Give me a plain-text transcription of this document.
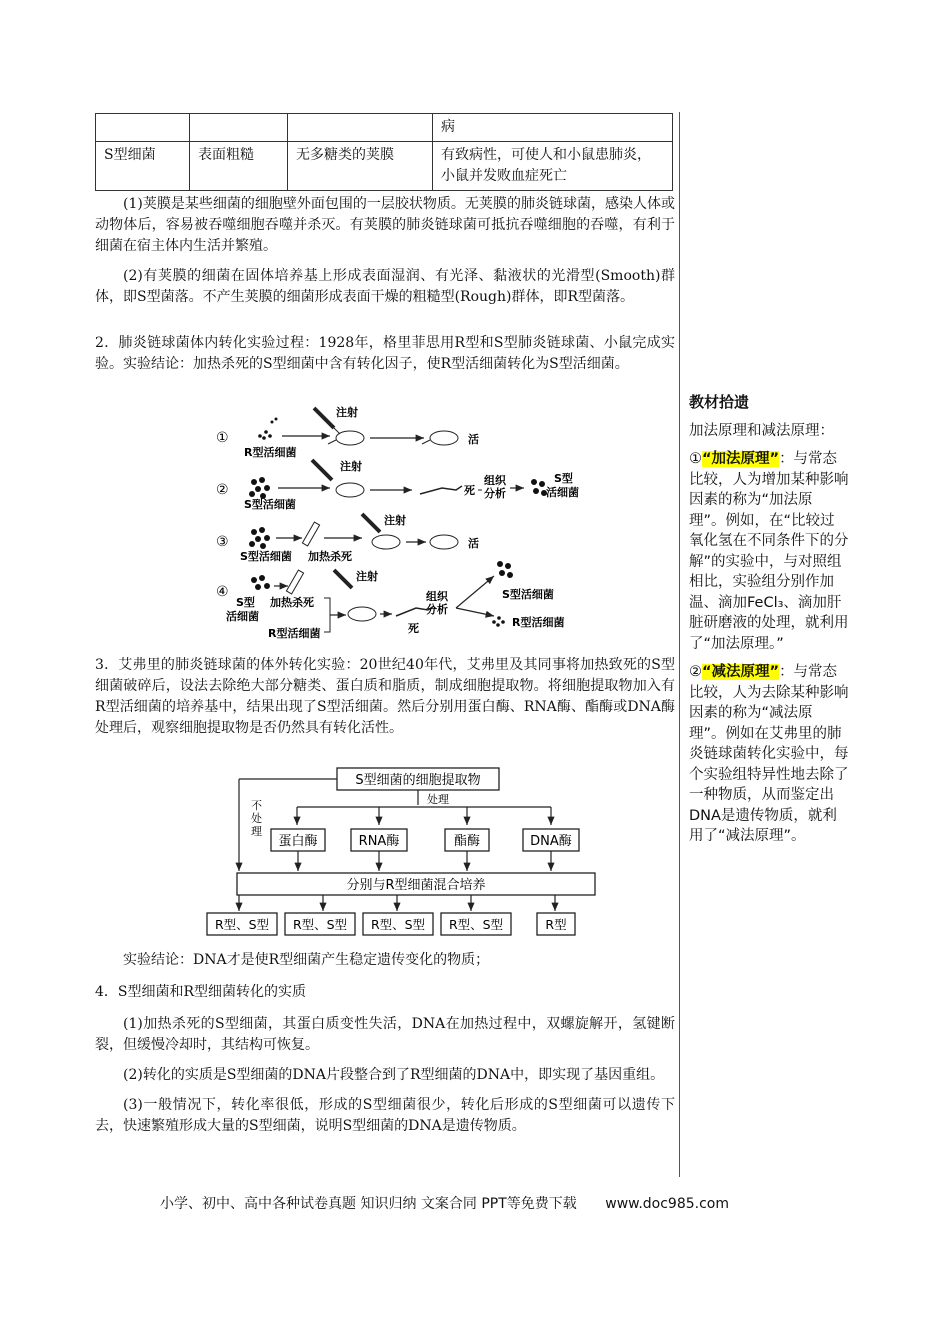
			病
S型细菌	表面粗糙	无多糖类的荚膜	有致病性，可使人和小鼠患肺炎，小鼠并发败血症死亡

(1)荚膜是某些细菌的细胞壁外面包围的一层胶状物质。无荚膜的肺炎链球菌，感染人体或动物体后，容易被吞噬细胞吞噬并杀灭。有荚膜的肺炎链球菌可抵抗吞噬细胞的吞噬，有利于细菌在宿主体内生活并繁殖。

(2)有荚膜的细菌在固体培养基上形成表面湿润、有光泽、黏液状的光滑型(Smooth)群体，即S型菌落。不产生荚膜的细菌形成表面干燥的粗糙型(Rough)群体，即R型菌落。

2．肺炎链球菌体内转化实验过程：1928年，格里菲思用R型和S型肺炎链球菌、小鼠完成实验。实验结论：加热杀死的S型细菌中含有转化因子，使R型活细菌转化为S型活细菌。

①
R型活细菌
注射
活
②
S型活细菌
注射
死
组织分析
S型活细菌
③
S型活细菌 加热杀死
注射
活
④
S型活细菌
加热杀死
R型活细菌
注射
死
组织分析
S型活细菌
R型活细菌

3．艾弗里的肺炎链球菌的体外转化实验：20世纪40年代，艾弗里及其同事将加热致死的S型细菌破碎后，设法去除绝大部分糖类、蛋白质和脂质，制成细胞提取物。将细胞提取物加入有R型活细菌的培养基中，结果出现了S型活细菌。然后分别用蛋白酶、RNA酶、酯酶或DNA酶处理后，观察细胞提取物是否仍然具有转化活性。

S型细菌的细胞提取物
处理
不处理
蛋白酶	RNA酶	酯酶	DNA酶
分别与R型细菌混合培养
R型、S型 R型、S型 R型、S型 R型、S型	R型

实验结论：DNA才是使R型细菌产生稳定遗传变化的物质；

4．S型细菌和R型细菌转化的实质

(1)加热杀死的S型细菌，其蛋白质变性失活，DNA在加热过程中，双螺旋解开，氢键断裂，但缓慢冷却时，其结构可恢复。

(2)转化的实质是S型细菌的DNA片段整合到了R型细菌的DNA中，即实现了基因重组。

(3)一般情况下，转化率很低，形成的S型细菌很少，转化后形成的S型细菌可以遗传下去，快速繁殖形成大量的S型细菌，说明S型细菌的DNA是遗传物质。

教材拾遗

加法原理和减法原理：

①“加法原理”：与常态比较，人为增加某种影响因素的称为“加法原理”。例如，在“比较过氧化氢在不同条件下的分解”的实验中，与对照组相比，实验组分别作加温、滴加FeCl₃、滴加肝脏研磨液的处理，就利用了“加法原理。”

②“减法原理”：与常态比较，人为去除某种影响因素的称为“减法原理”。例如在艾弗里的肺炎链球菌转化实验中，每个实验组特异性地去除了一种物质，从而鉴定出DNA是遗传物质，就利用了“减法原理”。

小学、初中、高中各种试卷真题 知识归纳 文案合同 PPT等免费下载 www.doc985.com
